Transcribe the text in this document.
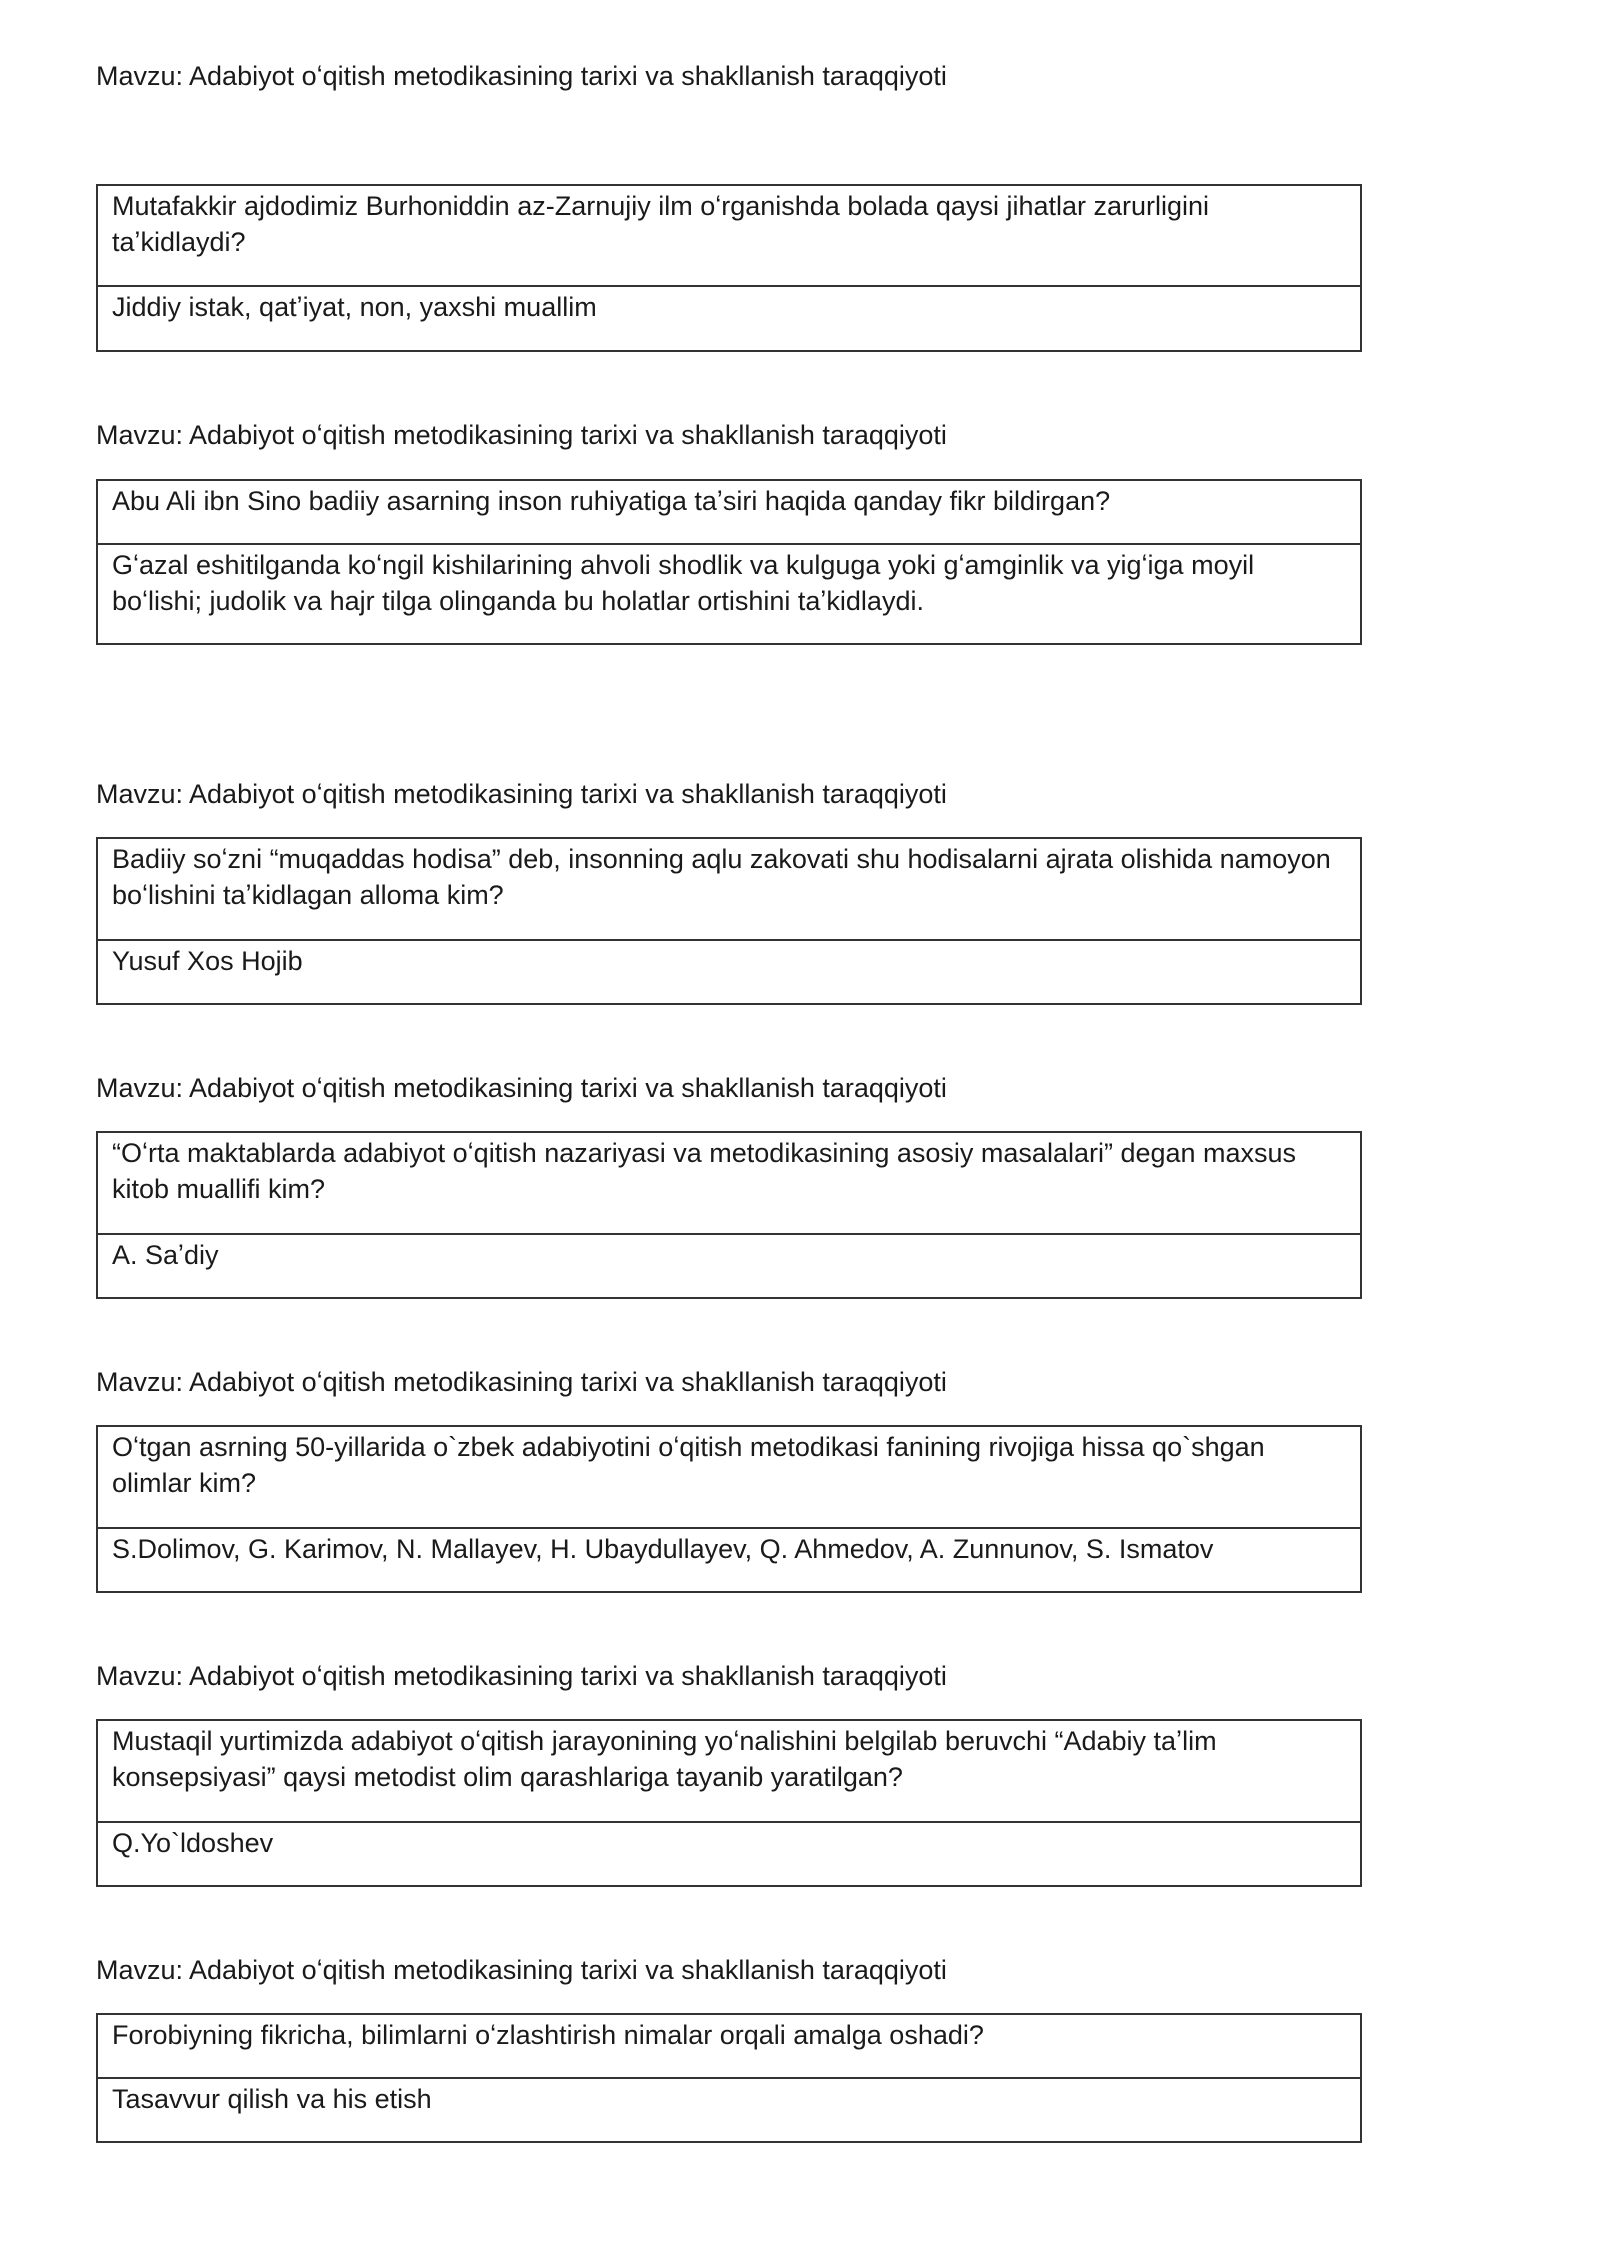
Mavzu: Adabiyot oʻqitish metodikasining tarixi va shakllanish taraqqiyoti
Mutafakkir ajdodimiz Burhoniddin az-Zarnujiy ilm oʻrganishda bolada qaysi jihatlar zarurligini taʼkidlaydi?
Jiddiy istak, qatʼiyat, non, yaxshi muallim
Mavzu: Adabiyot oʻqitish metodikasining tarixi va shakllanish taraqqiyoti
Abu Ali ibn Sino badiiy asarning inson ruhiyatiga taʼsiri haqida qanday fikr bildirgan?
Gʻazal eshitilganda koʻngil kishilarining ahvoli shodlik va kulguga yoki gʻamginlik va yigʻiga moyil boʻlishi; judolik va hajr tilga olinganda bu holatlar ortishini taʼkidlaydi.
Mavzu: Adabiyot oʻqitish metodikasining tarixi va shakllanish taraqqiyoti
Badiiy soʻzni “muqaddas hodisa” deb, insonning aqlu zakovati shu hodisalarni ajrata olishida namoyon boʻlishini taʼkidlagan alloma kim?
Yusuf Xos Hojib
Mavzu: Adabiyot oʻqitish metodikasining tarixi va shakllanish taraqqiyoti
“Oʻrta maktablarda adabiyot oʻqitish nazariyasi va metodikasining asosiy masalalari” degan maxsus kitob muallifi kim?
A. Saʼdiy
Mavzu: Adabiyot oʻqitish metodikasining tarixi va shakllanish taraqqiyoti
Oʻtgan asrning 50-yillarida o`zbek adabiyotini oʻqitish metodikasi fanining rivojiga hissa qo`shgan olimlar kim?
S.Dolimov, G. Karimov, N. Mallayev, H. Ubaydullayev, Q. Ahmedov, A. Zunnunov, S. Ismatov
Mavzu: Adabiyot oʻqitish metodikasining tarixi va shakllanish taraqqiyoti
Mustaqil yurtimizda adabiyot oʻqitish jarayonining yoʻnalishini belgilab beruvchi “Adabiy taʼlim konsepsiyasi” qaysi metodist olim qarashlariga tayanib yaratilgan?
Q.Yo`ldoshev
Mavzu: Adabiyot oʻqitish metodikasining tarixi va shakllanish taraqqiyoti
Forobiyning fikricha, bilimlarni oʻzlashtirish nimalar orqali amalga oshadi?
Tasavvur qilish va his etish
